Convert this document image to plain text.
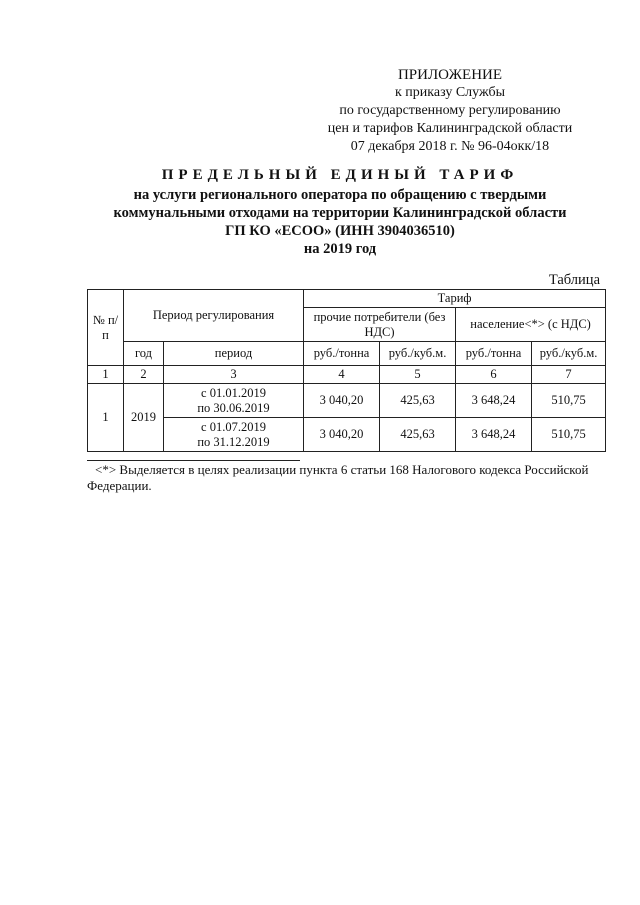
ПРИЛОЖЕНИЕ
к приказу Службы
по государственному регулированию
цен и тарифов Калининградской области
07 декабря 2018 г. № 96-04окк/18
ПРЕДЕЛЬНЫЙ ЕДИНЫЙ ТАРИФ
на услуги регионального оператора по обращению с твердыми
коммунальными отходами на территории Калининградской области
ГП КО «ЕСОО» (ИНН 3904036510)
на 2019 год
Таблица
№ п/п	Период регулирования		Тариф			
			прочие потребители (без НДС)		население<*> (с НДС)	
	год	период	руб./тонна	руб./куб.м.	руб./тонна	руб./куб.м.
1	2	3	4	5	6	7
1	2019	с 01.01.2019
по 30.06.2019	3 040,20	425,63	3 648,24	510,75

		с 01.07.2019
по 31.12.2019	3 040,20	425,63	3 648,24	510,75
<*> Выделяется в целях реализации пункта 6 статьи 168 Налогового кодекса Российской Федерации.
